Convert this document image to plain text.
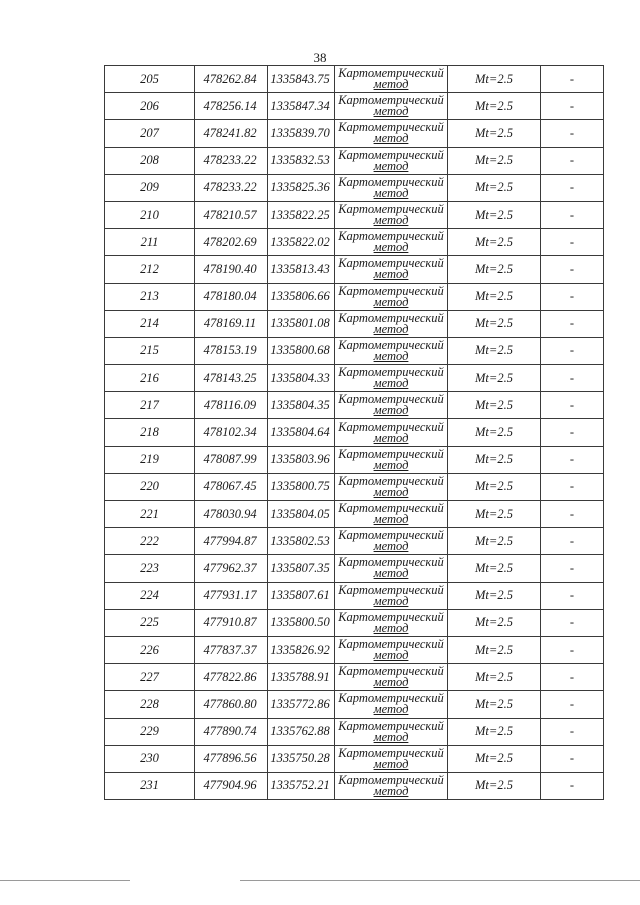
38
205	478262.84	1335843.75	Картометрический
метод	Mt=2.5	-
206	478256.14	1335847.34	Картометрический
метод	Mt=2.5	-
207	478241.82	1335839.70	Картометрический
метод	Mt=2.5	-
208	478233.22	1335832.53	Картометрический
метод	Mt=2.5	-
209	478233.22	1335825.36	Картометрический
метод	Mt=2.5	-
210	478210.57	1335822.25	Картометрический
метод	Mt=2.5	-
211	478202.69	1335822.02	Картометрический
метод	Mt=2.5	-
212	478190.40	1335813.43	Картометрический
метод	Mt=2.5	-
213	478180.04	1335806.66	Картометрический
метод	Mt=2.5	-
214	478169.11	1335801.08	Картометрический
метод	Mt=2.5	-
215	478153.19	1335800.68	Картометрический
метод	Mt=2.5	-
216	478143.25	1335804.33	Картометрический
метод	Mt=2.5	-
217	478116.09	1335804.35	Картометрический
метод	Mt=2.5	-
218	478102.34	1335804.64	Картометрический
метод	Mt=2.5	-
219	478087.99	1335803.96	Картометрический
метод	Mt=2.5	-
220	478067.45	1335800.75	Картометрический
метод	Mt=2.5	-
221	478030.94	1335804.05	Картометрический
метод	Mt=2.5	-
222	477994.87	1335802.53	Картометрический
метод	Mt=2.5	-
223	477962.37	1335807.35	Картометрический
метод	Mt=2.5	-
224	477931.17	1335807.61	Картометрический
метод	Mt=2.5	-
225	477910.87	1335800.50	Картометрический
метод	Mt=2.5	-
226	477837.37	1335826.92	Картометрический
метод	Mt=2.5	-
227	477822.86	1335788.91	Картометрический
метод	Mt=2.5	-
228	477860.80	1335772.86	Картометрический
метод	Mt=2.5	-
229	477890.74	1335762.88	Картометрический
метод	Mt=2.5	-
230	477896.56	1335750.28	Картометрический
метод	Mt=2.5	-
231	477904.96	1335752.21	Картометрический
метод	Mt=2.5	-
